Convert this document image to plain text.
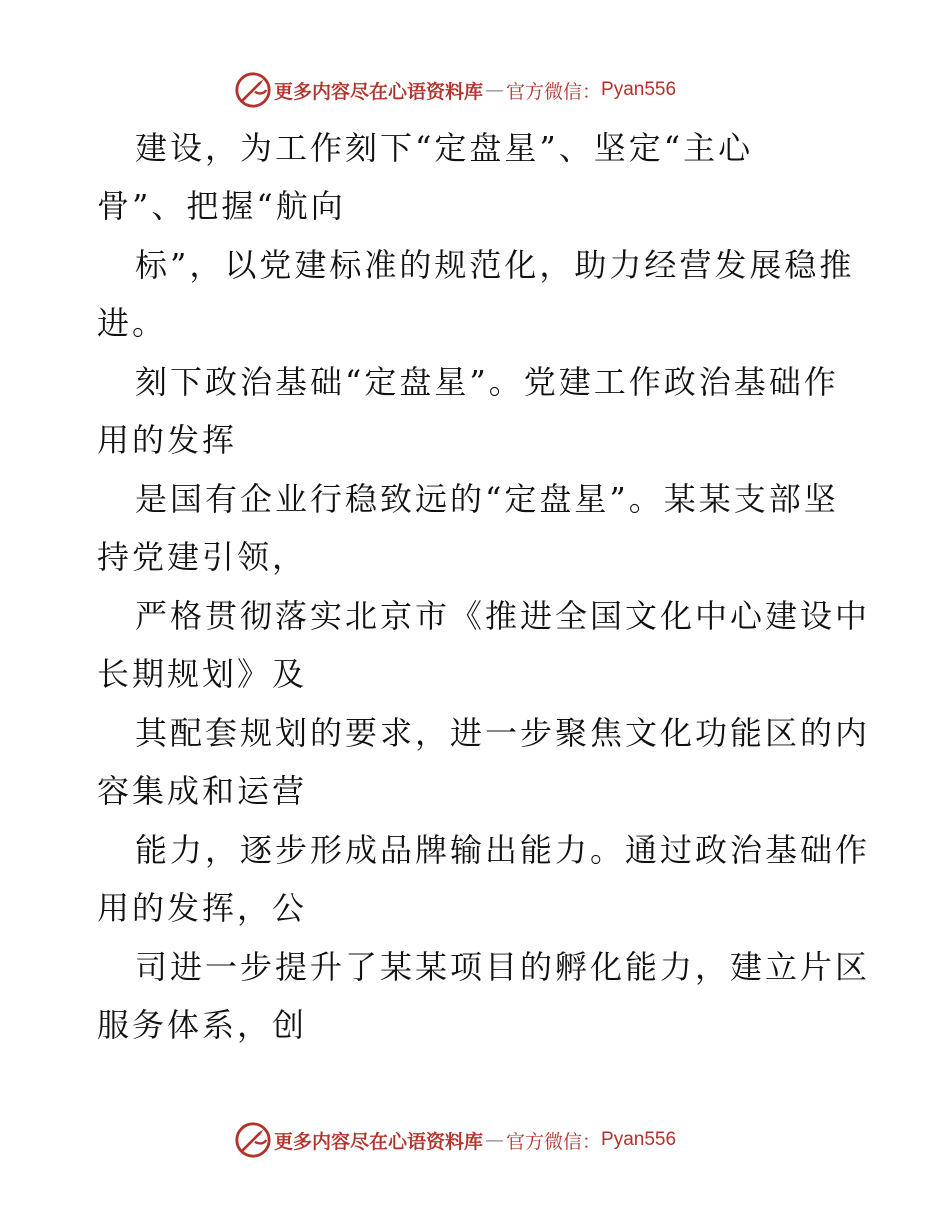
更多内容尽在心语资料库 — 官方微信： Pyan556
建设，为工作刻下“定盘星”、坚定“主心
骨”、把握“航向
标”，以党建标准的规范化，助力经营发展稳推
进。
刻下政治基础“定盘星”。党建工作政治基础作
用的发挥
是国有企业行稳致远的“定盘星”。某某支部坚
持党建引领，
严格贯彻落实北京市《推进全国文化中心建设中
长期规划》及
其配套规划的要求，进一步聚焦文化功能区的内
容集成和运营
能力，逐步形成品牌输出能力。通过政治基础作
用的发挥，公
司进一步提升了某某项目的孵化能力，建立片区
服务体系，创
更多内容尽在心语资料库 — 官方微信： Pyan556
